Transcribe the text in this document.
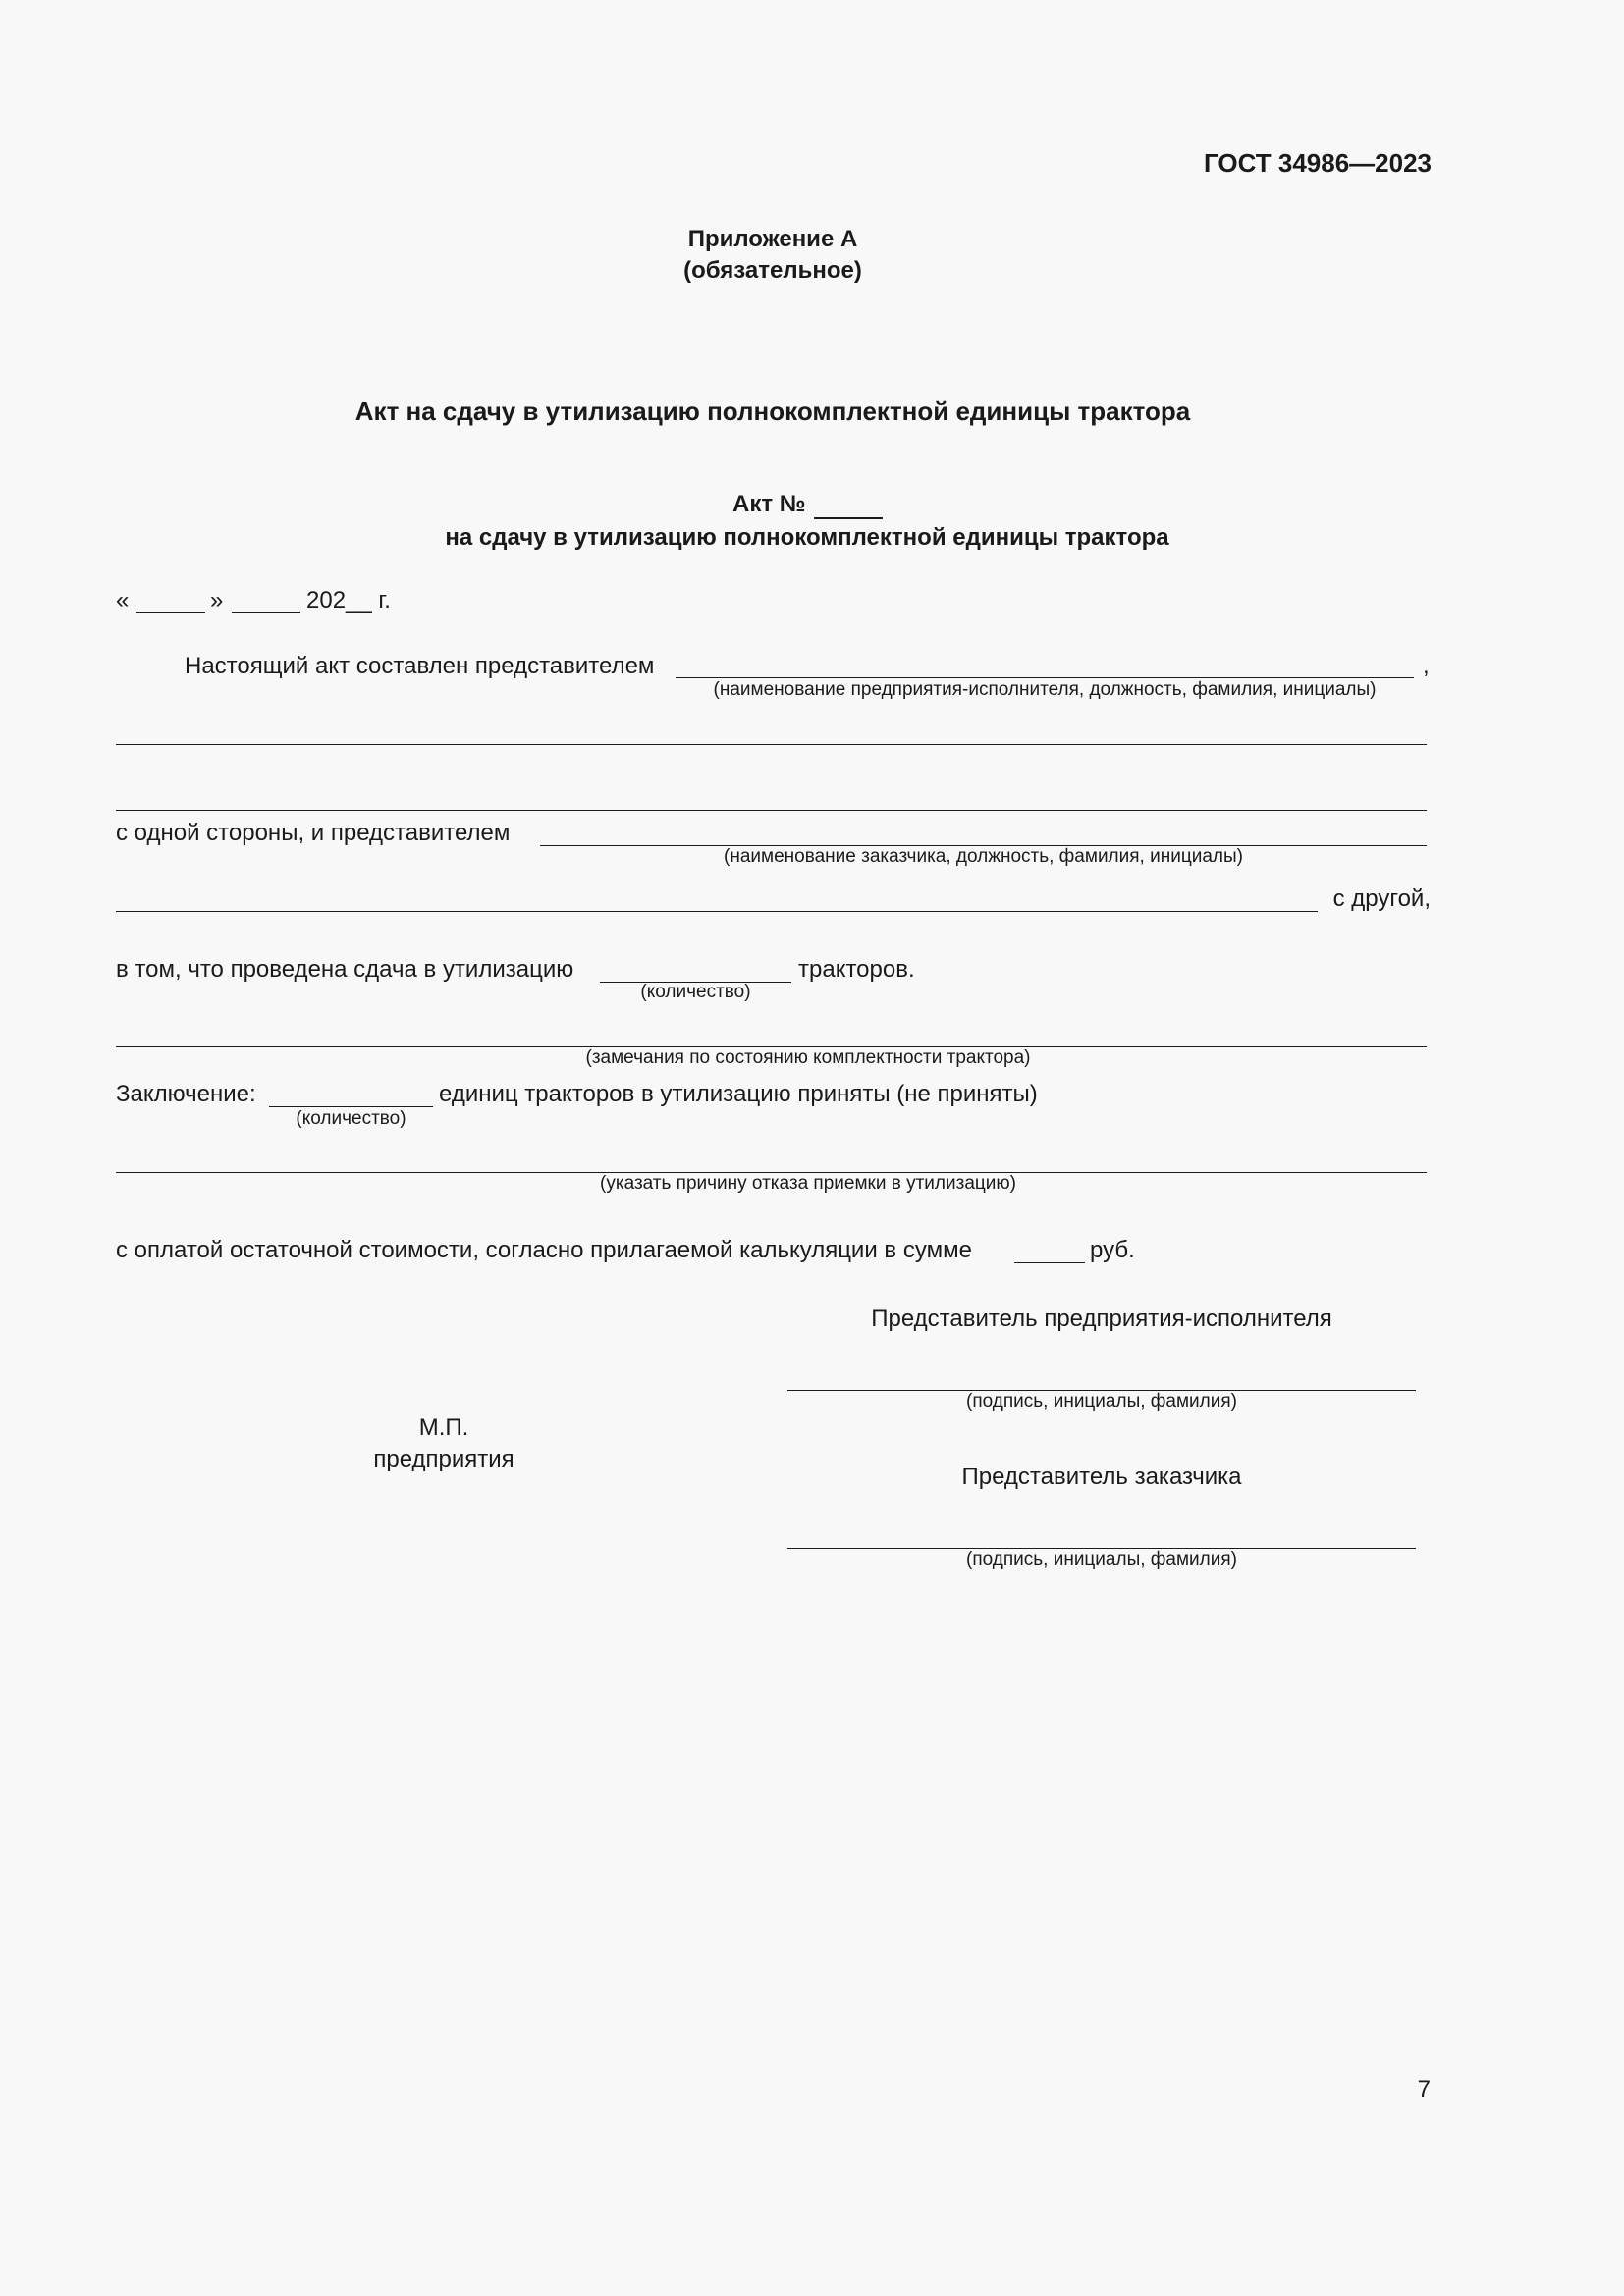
ГОСТ 34986—2023
Приложение А
(обязательное)
Акт на сдачу в утилизацию полнокомплектной единицы трактора
Акт №
на сдачу в утилизацию полнокомплектной единицы трактора
«	»	202__ г.
Настоящий акт составлен представителем	,
(наименование предприятия-исполнителя, должность, фамилия, инициалы)
с одной стороны, и представителем
(наименование заказчика, должность, фамилия, инициалы)
с другой,
в том, что проведена сдача в утилизацию	тракторов.
(количество)
(замечания по состоянию комплектности трактора)
Заключение:	единиц тракторов в утилизацию приняты (не приняты)
(количество)
(указать причину отказа приемки в утилизацию)
с оплатой остаточной стоимости, согласно прилагаемой калькуляции в сумме	руб.
Представитель предприятия-исполнителя
(подпись, инициалы, фамилия)
М.П.
предприятия
Представитель заказчика
(подпись, инициалы, фамилия)
7
